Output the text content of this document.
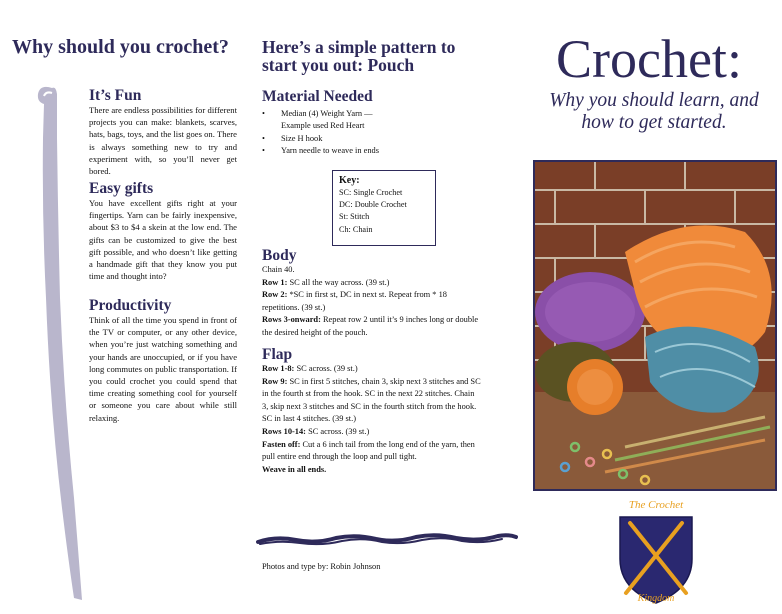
Why should you crochet?
It’s Fun

There are endless possibilities for different projects you can make: blankets, scarves, hats, bags, toys, and the list goes on. There is always something new to try and experiment with, so you’ll never get bored.

Easy gifts

You have excellent gifts right at your fingertips. Yarn can be fairly inexpensive, about $3 to $4 a skein at the low end. The gifts can be customized to give the best gift possible, and who doesn’t like getting a handmade gift that they know you put time and thought into?

Productivity

Think of all the time you spend in front of the TV or computer, or any other device, when you’re just watching something and your hands are unoccupied, or if you have long commutes on public transportation. If you could crochet you could spend that time creating something cool for yourself or someone you care about while still relaxing.

Here’s a simple pattern to
start you out: Pouch
Material Needed
• Median (4) Weight Yarn —
Example used Red Heart
• Size H hook
• Yarn needle to weave in ends
Key:
SC: Single Crochet
DC: Double Crochet
St: Stitch
Ch: Chain
Body
Chain 40.
Row 1: SC all the way across. (39 st.)
Row 2: *SC in first st, DC in next st. Repeat from * 18
repetitions. (39 st.)
Rows 3-onward: Repeat row 2 until it’s 9 inches long or double
the desired height of the pouch.
Flap
Row 1-8: SC across. (39 st.)
Row 9: SC in first 5 stitches, chain 3, skip next 3 stitches and SC
in the fourth st from the hook. SC in the next 22 stitches. Chain
3, skip next 3 stitches and SC in the fourth stitch from the hook.
SC in last 4 stitches. (39 st.)
Rows 10-14: SC across. (39 st.)
Fasten off: Cut a 6 inch tail from the long end of the yarn, then
pull entire end through the loop and pull tight.
Weave in all ends.
Photos and type by: Robin Johnson
Crochet:
Why you should learn, and
how to get started.
The Crochet
Kingdom
